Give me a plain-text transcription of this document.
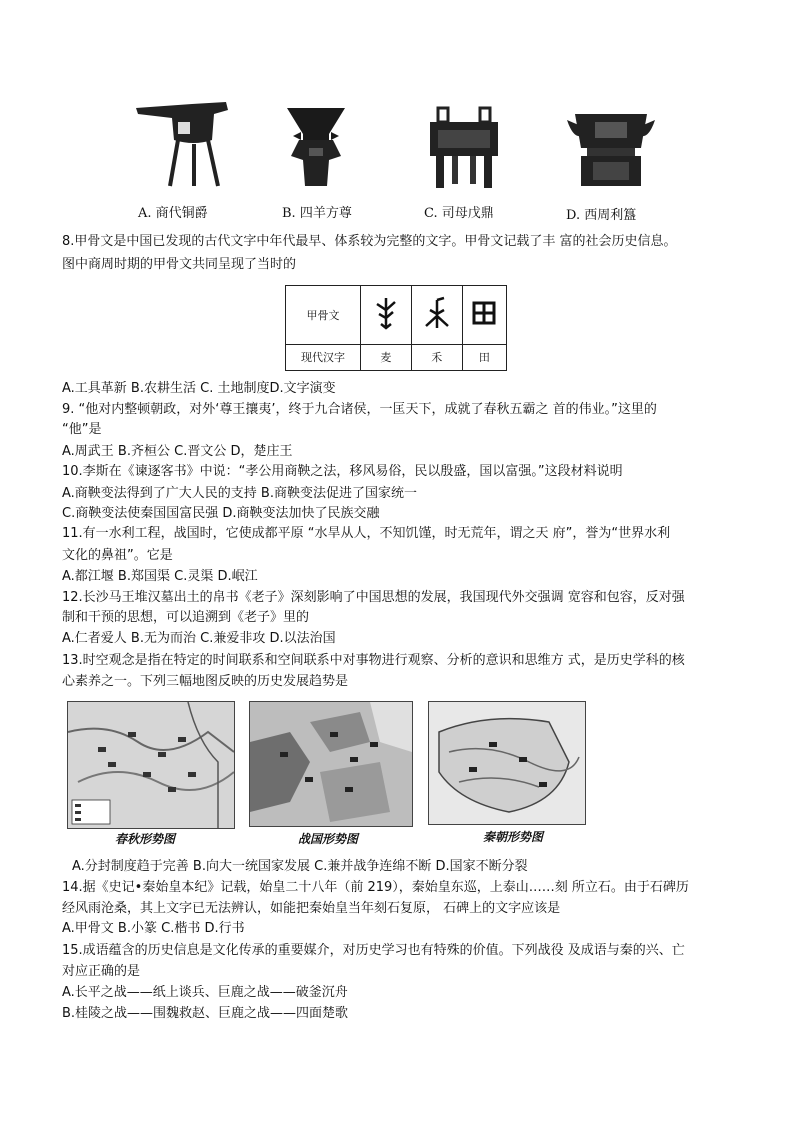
A. 商代铜爵	B. 四羊方尊	C. 司母戊鼎	D. 西周利簋
8.甲骨文是中国已发现的古代文字中年代最早、体系较为完整的文字。甲骨文记载了丰 富的社会历史信息。
图中商周时期的甲骨文共同呈现了当时的
甲骨文			
现代汉字	麦	禾	田
A.工具革新 B.农耕生活 C. 土地制度D.文字演变
9. “他对内整顿朝政，对外‘尊王攘夷’，终于九合诸侯，一匡天下，成就了春秋五霸之 首的伟业。”这里的
“他”是
A.周武王 B.齐桓公 C.晋文公 D，楚庄王
10.李斯在《谏逐客书》中说：“孝公用商鞅之法，移风易俗，民以殷盛，国以富强。”这段材料说明
A.商鞅变法得到了广大人民的支持 B.商鞅变法促进了国家统一
C.商鞅变法使秦国国富民强 D.商鞅变法加快了民族交融
11.有一水利工程，战国时，它使成都平原 “水旱从人，不知饥馑，时无荒年，谓之天 府”，誉为“世界水利
文化的鼻祖”。它是
A.都江堰 B.郑国渠 C.灵渠 D.岷江
12.长沙马王堆汉墓出土的帛书《老子》深刻影响了中国思想的发展，我国现代外交强调 宽容和包容，反对强
制和干预的思想，可以追溯到《老子》里的
A.仁者爱人 B.无为而治 C.兼爱非攻 D.以法治国
13.时空观念是指在特定的时间联系和空间联系中对事物进行观察、分析的意识和思维方 式，是历史学科的核
心素养之一。下列三幅地图反映的历史发展趋势是
春秋形势图	战国形势图	秦朝形势图
A.分封制度趋于完善 B.向大一统国家发展 C.兼并战争连绵不断 D.国家不断分裂
14.据《史记•秦始皇本纪》记载，始皇二十八年（前 219），秦始皇东巡，上泰山……刻 所立石。由于石碑历
经风雨沧桑，其上文字已无法辨认，如能把秦始皇当年刻石复原， 石碑上的文字应该是
A.甲骨文 B.小篆 C.楷书 D.行书
15.成语蕴含的历史信息是文化传承的重要媒介，对历史学习也有特殊的价值。下列战役 及成语与秦的兴、亡
对应正确的是
A.长平之战——纸上谈兵、巨鹿之战——破釜沉舟
B.桂陵之战——围魏救赵、巨鹿之战——四面楚歌
